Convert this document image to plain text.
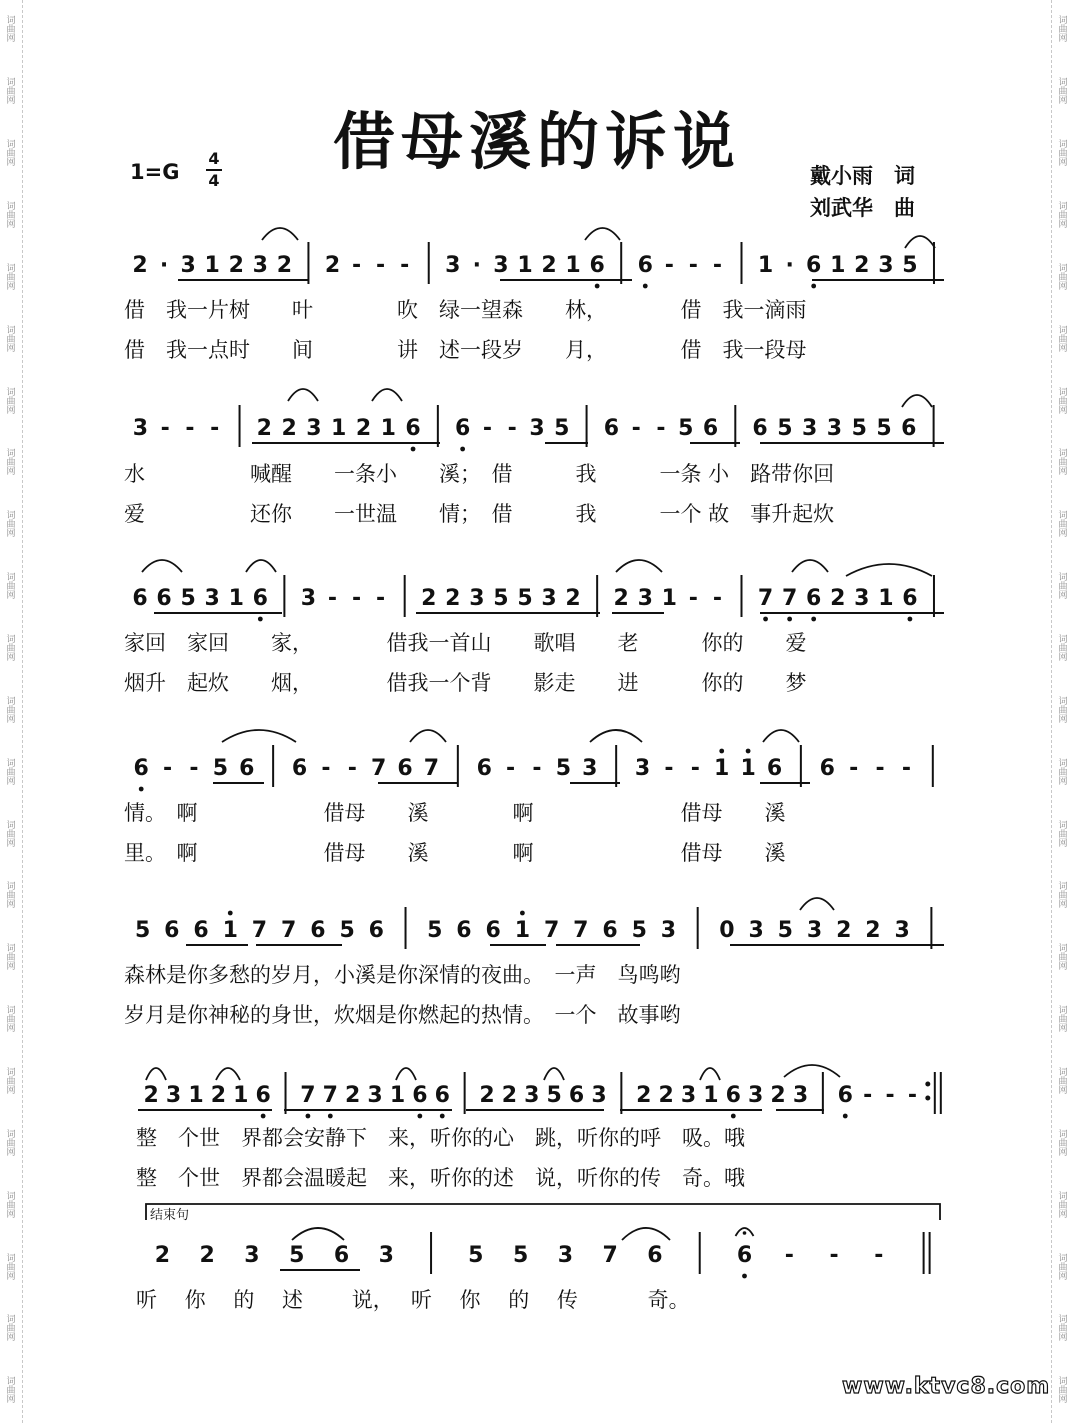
词曲网
词曲网
词曲网
词曲网
词曲网
词曲网
词曲网
词曲网
词曲网
词曲网
词曲网
词曲网
词曲网
词曲网
词曲网
词曲网
词曲网
词曲网
词曲网
词曲网
词曲网
词曲网
词曲网
词曲网
词曲网
词曲网
词曲网
词曲网
词曲网
词曲网
词曲网
词曲网
词曲网
词曲网
词曲网
词曲网
词曲网
词曲网
词曲网
词曲网
词曲网
词曲网
词曲网
词曲网
词曲网
词曲网
借母溪的诉说
1=G
4
4	戴小雨　词
刘武华　曲
2 · 3 1 2 3 2 2 - - - 3 · 3 1 2 1 6 6 - - - 1 · 6 1 2 3 5
借　我一片树　　叶　　　　吹　绿一望森　　林，　　　　借　我一滴雨
借　我一点时　　间　　　　讲　述一段岁　　月，　　　　借　我一段母
3 - - - 2 2 3 1 2 1 6 6 - - 3 5 6 - - 5 6 6 5 3 3 5 5 6
水　　　　　喊醒　　一条小　　溪；　借　　　我　　　一条 小　路带你回
爱　　　　　还你　　一世温　　情；　借　　　我　　　一个 故　事升起炊
6 6 5 3 1 6 3 - - - 2 2 3 5 5 3 2 2 3 1 - - 7 7 6 2 3 1 6
家回　家回　　家，　　　　借我一首山　　歌唱　　老　　　你的　　爱
烟升　起炊　　烟，　　　　借我一个背　　影走　　进　　　你的　　梦
6 - - 5 6 6 - - 7 6 7 6 - - 5 3 3 - - 1 1 6 6 - - -
情。　啊　　　　　　借母　　溪　　　　啊　　　　　　　借母　　溪
里。　啊　　　　　　借母　　溪　　　　啊　　　　　　　借母　　溪
5 6 6 1 7 7 6 5 6 5 6 6 1 7 7 6 5 3 0 3 5 3 2 2 3
森林是你多愁的岁月，小溪是你深情的夜曲。　一声　鸟鸣哟
岁月是你神秘的身世，炊烟是你燃起的热情。　一个　故事哟
2 3 1 2 1 6 7 7 2 3 1 6 6 2 2 3 5 6 3 2 2 3 1 6 3 2 3 6 - - -
整　个世　界都会安静下　来，听你的心　跳，听你的呼　吸。哦
整　个世　界都会温暖起　来，听你的述　说，听你的传　奇。哦
2 2 3 5 6 3	5 5 3 7 6	6 - - -
听　 你　 的　 述　　 说，　 听　 你　 的　 传　　　 奇。
结束句
www.ktvc8.com
